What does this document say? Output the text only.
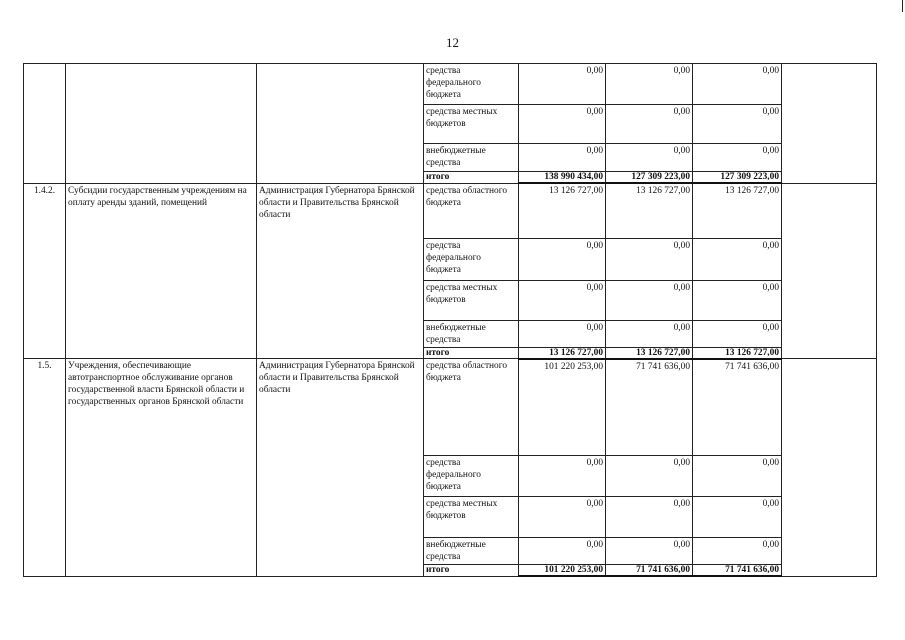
12
			средства федерального бюджета	0,00	0,00	0,00	
			средства местных бюджетов	0,00	0,00	0,00	
			внебюджетные средства	0,00	0,00	0,00	
			итого	138 990 434,00	127 309 223,00	127 309 223,00	
1.4.2.	Субсидии государственным учреждениям на оплату аренды зданий, помещений	Администрация Губернатора Брянской области и Правительства Брянской области	средства областного бюджета	13 126 727,00	13 126 727,00	13 126 727,00	
			средства федерального бюджета	0,00	0,00	0,00	
			средства местных бюджетов	0,00	0,00	0,00	
			внебюджетные средства	0,00	0,00	0,00	
			итого	13 126 727,00	13 126 727,00	13 126 727,00	
1.5.	Учреждения, обеспечивающие автотранспортное обслуживание органов государственной власти Брянской области и государственных органов Брянской области	Администрация Губернатора Брянской области и Правительства Брянской области	средства областного бюджета	101 220 253,00	71 741 636,00	71 741 636,00	
			средства федерального бюджета	0,00	0,00	0,00	
			средства местных бюджетов	0,00	0,00	0,00	
			внебюджетные средства	0,00	0,00	0,00	
			итого	101 220 253,00	71 741 636,00	71 741 636,00	
